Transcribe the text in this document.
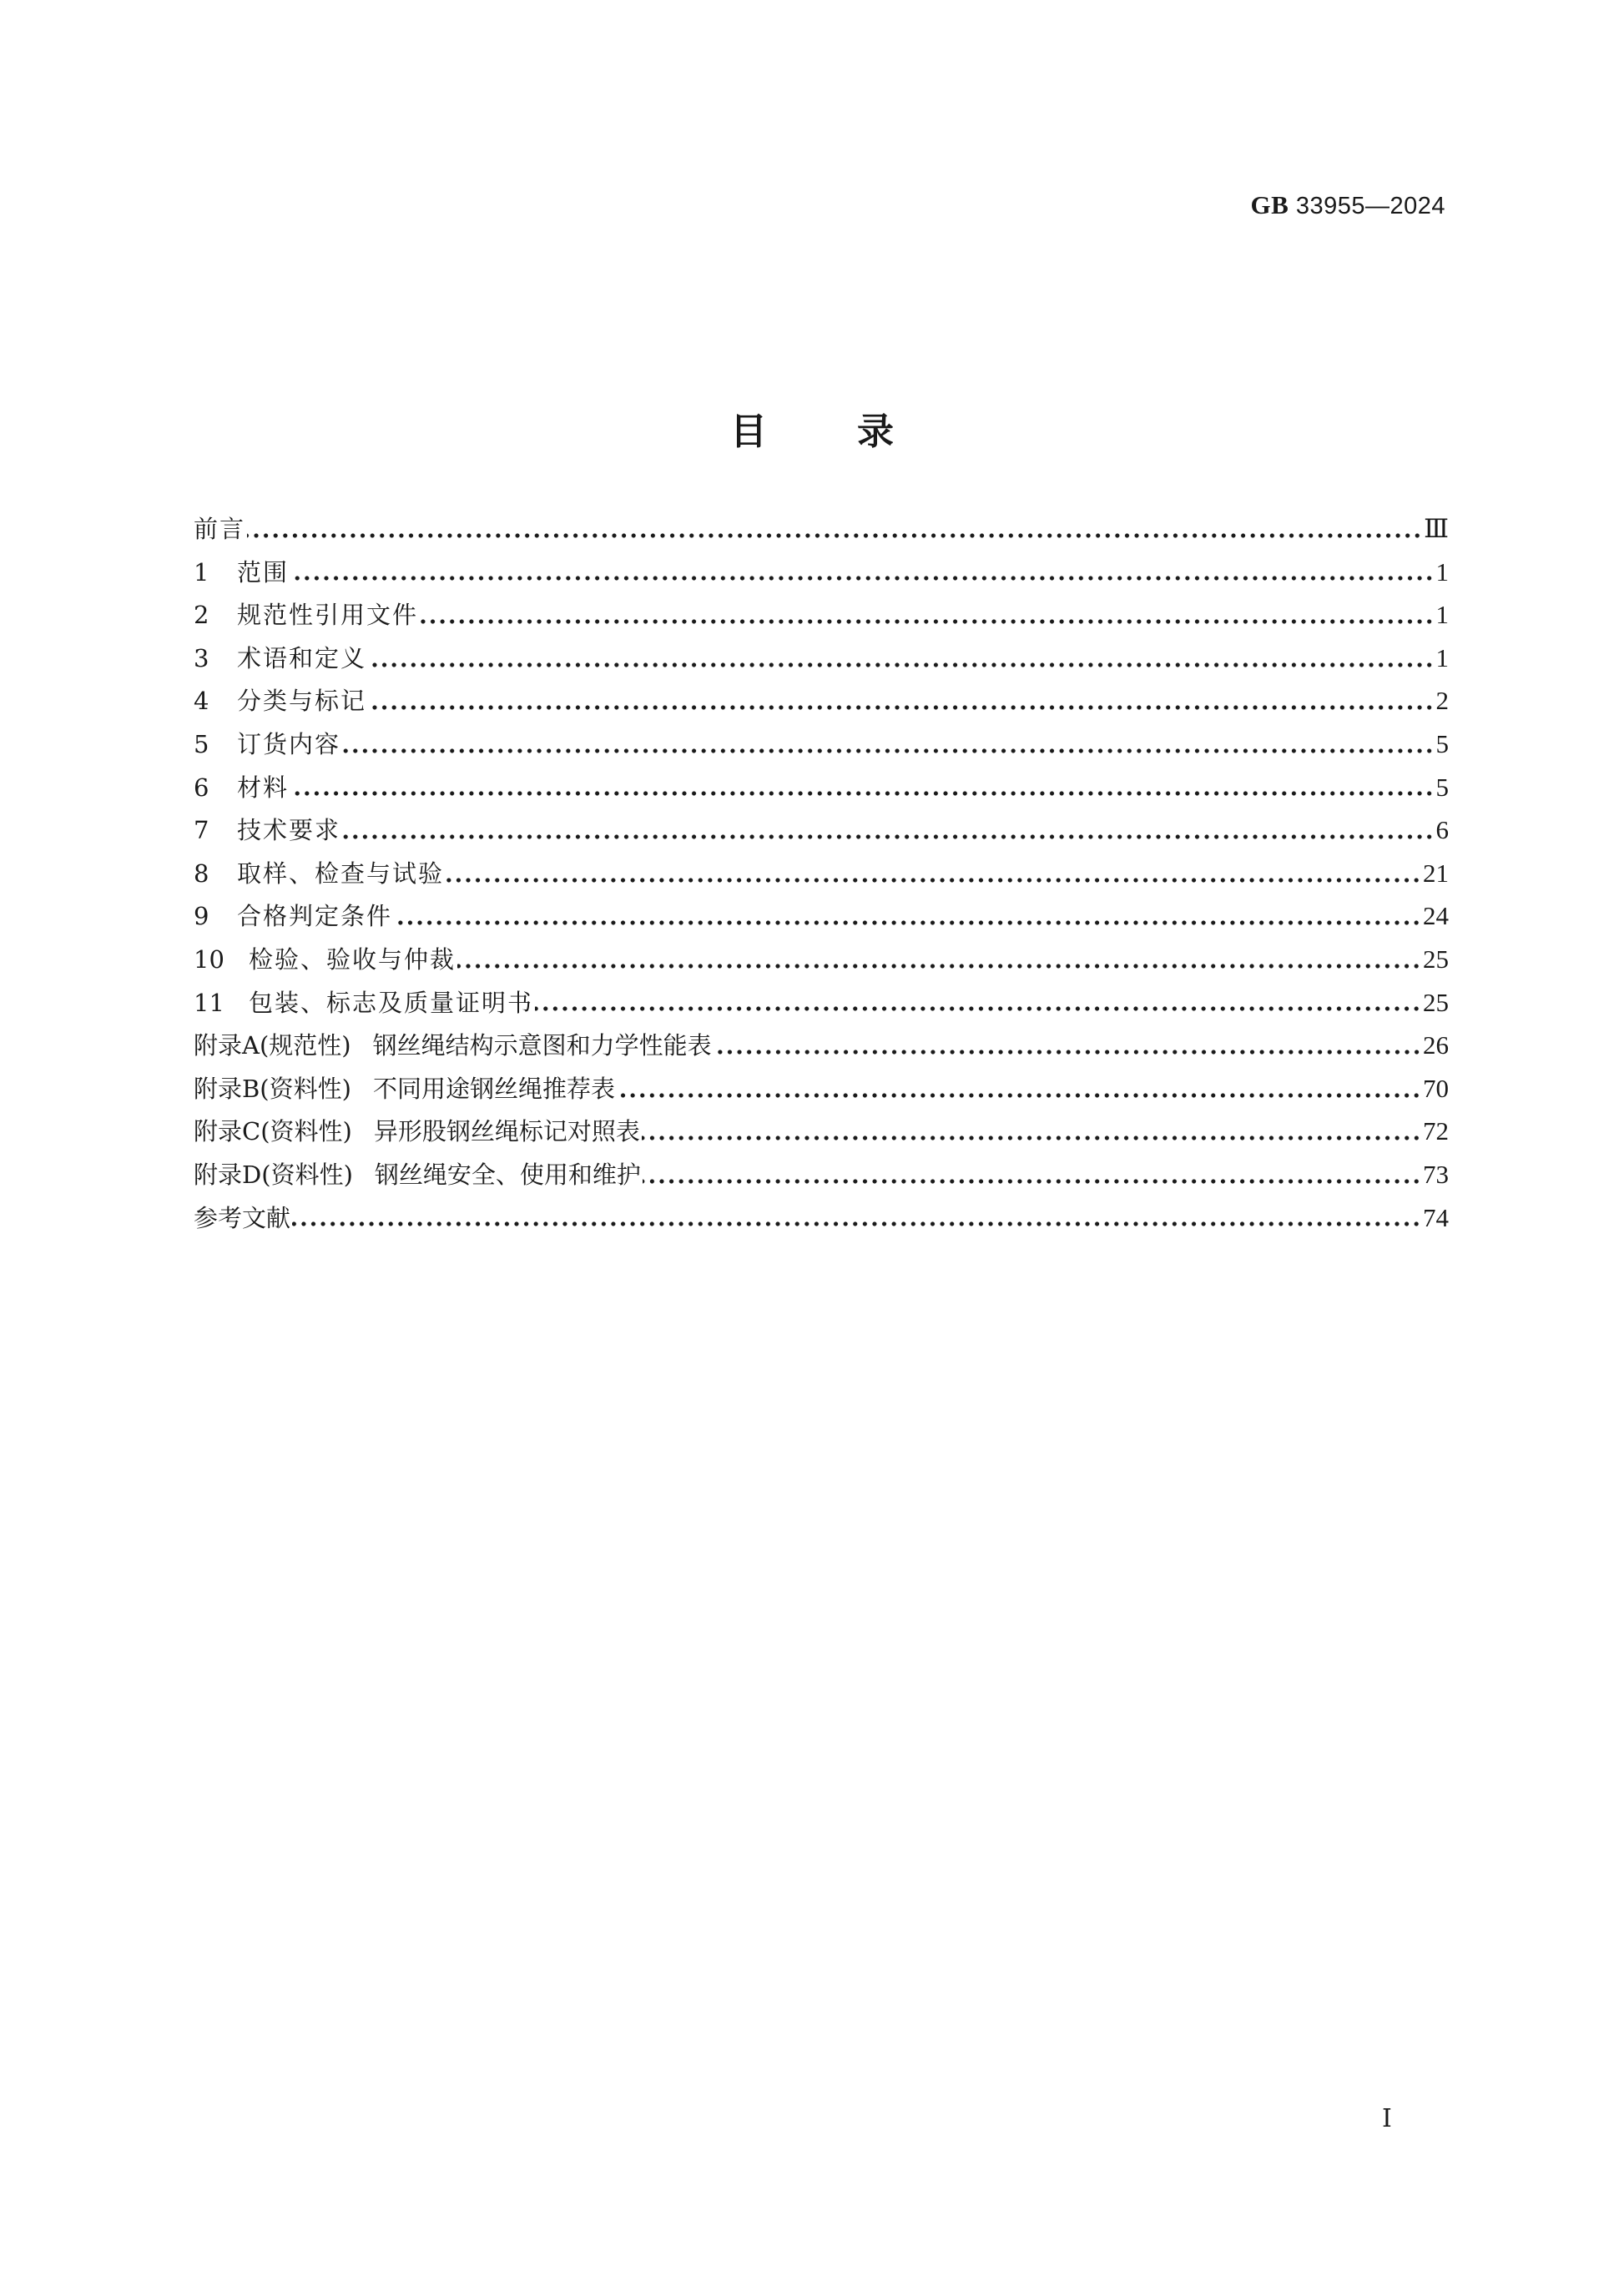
GB 33955—2024
目 录
前言	Ⅲ
1	范围	1
2	规范性引用文件	1
3	术语和定义	1
4	分类与标记	2
5	订货内容	5
6	材料	5
7	技术要求	6
8	取样、检查与试验	21
9	合格判定条件	24
10	检验、验收与仲裁	25
11	包装、标志及质量证明书	25
附录A(规范性) 钢丝绳结构示意图和力学性能表	26
附录B(资料性) 不同用途钢丝绳推荐表	70
附录C(资料性) 异形股钢丝绳标记对照表	72
附录D(资料性) 钢丝绳安全、使用和维护	73
参考文献	74
Ⅰ
